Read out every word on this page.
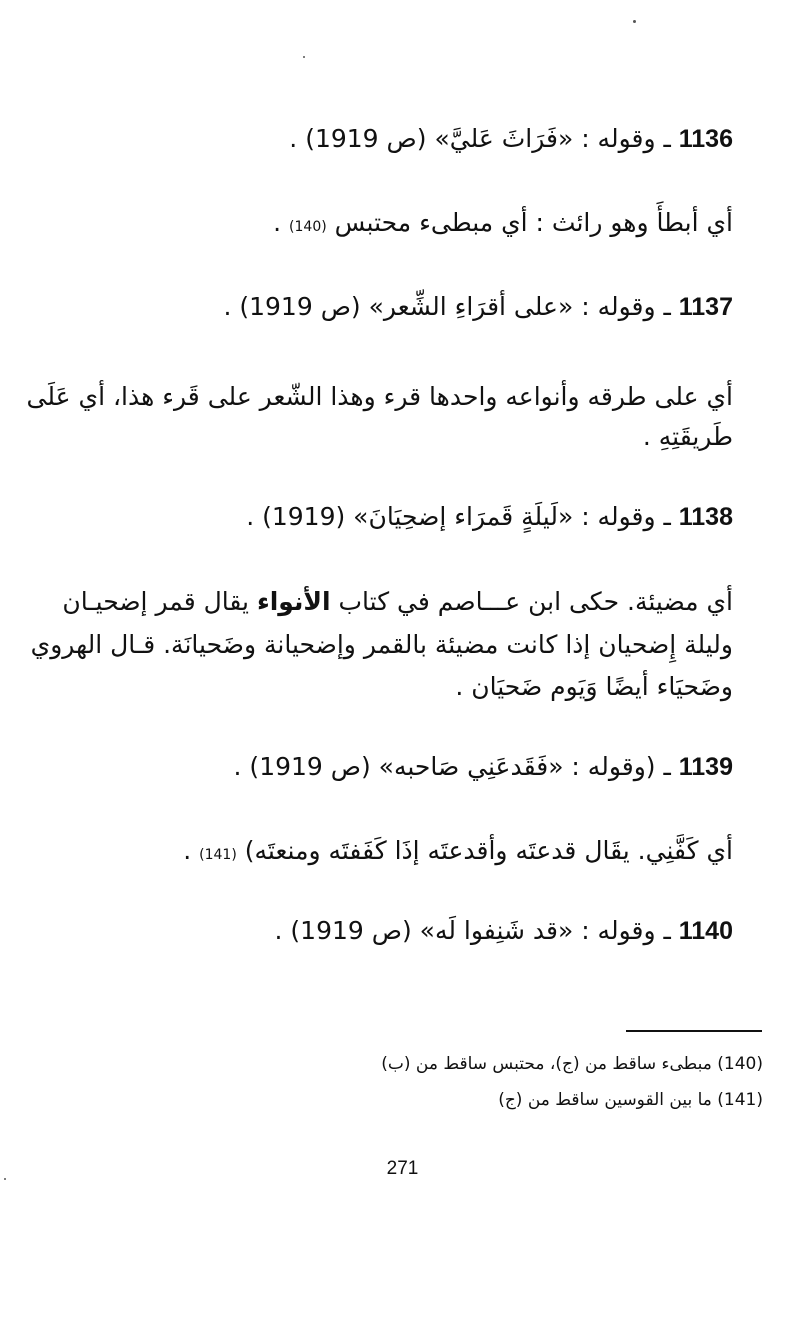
1136 ـ وقوله : «فَرَاثَ عَليَّ» (ص 1919) .
أي أبطأَ وهو رائث : أي مبطىء محتبس (140) .
1137 ـ وقوله : «على أقرَاءِ الشِّعر» (ص 1919) .
أي على طرقه وأنواعه واحدها قرء وهذا الشّعر على قَرء هذا، أي عَلَى
طَريقَتِهِ .
1138 ـ وقوله : «لَيلَةٍ قَمرَاء إضحِيَانَ» (1919) .
أي مضيئة. حكى ابن عـــاصم في كتاب الأنواء يقال قمر إضحيـان
وليلة إِضحيان إذا كانت مضيئة بالقمر وإضحيانة وضَحيانَة. قـال الهروي
وضَحيَاء أيضًا وَيَوم ضَحيَان .
1139 ـ (وقوله : «فَقَدعَنِي صَاحبه» (ص 1919) .
أي كَفَّنِي. يقَال قدعتَه وأقدعتَه إذَا كَفَفتَه ومنعتَه) (141) .
1140 ـ وقوله : «قد شَنِفوا لَه» (ص 1919) .
(140) مبطىء ساقط من (ج)، محتبس ساقط من (ب)
(141) ما بين القوسين ساقط من (ج)
271
